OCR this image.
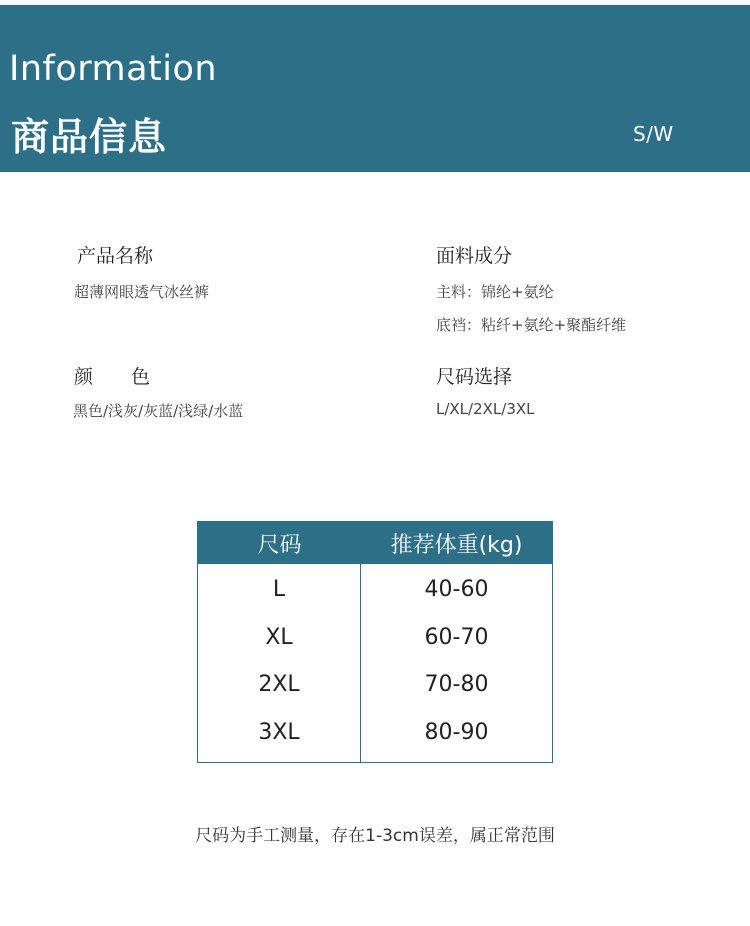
Information
商品信息	S/W
产品名称
超薄网眼透气冰丝裤
面料成分
主料：锦纶+氨纶
底裆：粘纤+氨纶+聚酯纤维
颜　　色
黑色/浅灰/灰蓝/浅绿/水蓝
尺码选择
L/XL/2XL/3XL
尺码	推荐体重(kg)
L
XL
2XL
3XL
40-60
60-70
70-80
80-90
尺码为手工测量，存在1-3cm误差，属正常范围
